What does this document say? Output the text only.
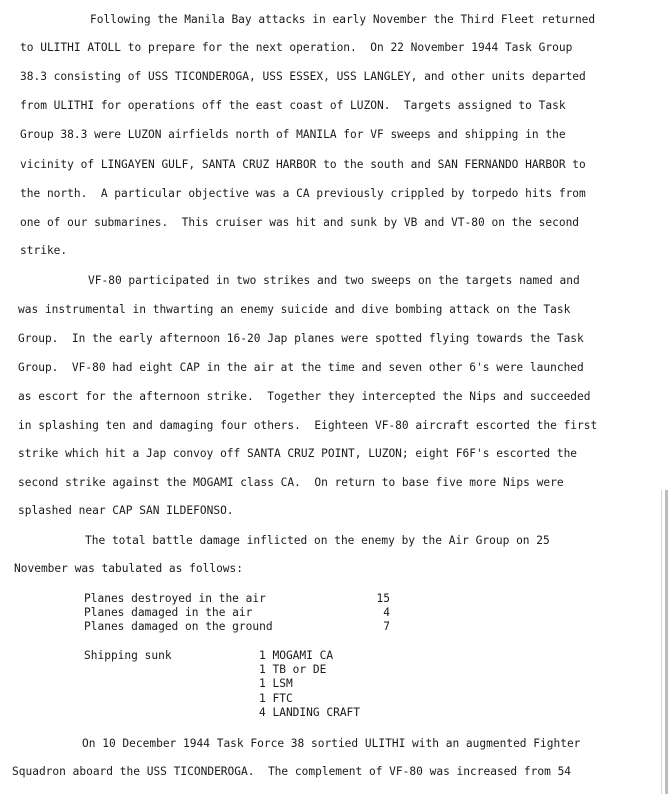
Following the Manila Bay attacks in early November the Third Fleet returned
to ULITHI ATOLL to prepare for the next operation.  On 22 November 1944 Task Group
38.3 consisting of USS TICONDEROGA, USS ESSEX, USS LANGLEY, and other units departed
from ULITHI for operations off the east coast of LUZON.  Targets assigned to Task
Group 38.3 were LUZON airfields north of MANILA for VF sweeps and shipping in the
vicinity of LINGAYEN GULF, SANTA CRUZ HARBOR to the south and SAN FERNANDO HARBOR to
the north.  A particular objective was a CA previously crippled by torpedo hits from
one of our submarines.  This cruiser was hit and sunk by VB and VT-80 on the second
strike.
VF-80 participated in two strikes and two sweeps on the targets named and
was instrumental in thwarting an enemy suicide and dive bombing attack on the Task
Group.  In the early afternoon 16-20 Jap planes were spotted flying towards the Task
Group.  VF-80 had eight CAP in the air at the time and seven other 6's were launched
as escort for the afternoon strike.  Together they intercepted the Nips and succeeded
in splashing ten and damaging four others.  Eighteen VF-80 aircraft escorted the first
strike which hit a Jap convoy off SANTA CRUZ POINT, LUZON; eight F6F's escorted the
second strike against the MOGAMI class CA.  On return to base five more Nips were
splashed near CAP SAN ILDEFONSO.
The total battle damage inflicted on the enemy by the Air Group on 25
November was tabulated as follows:
Planes destroyed in the air	15
Planes damaged in the air	4
Planes damaged on the ground	7
Shipping sunk	1 MOGAMI CA
1 TB or DE
1 LSM
1 FTC
4 LANDING CRAFT
On 10 December 1944 Task Force 38 sortied ULITHI with an augmented Fighter
Squadron aboard the USS TICONDEROGA.  The complement of VF-80 was increased from 54
